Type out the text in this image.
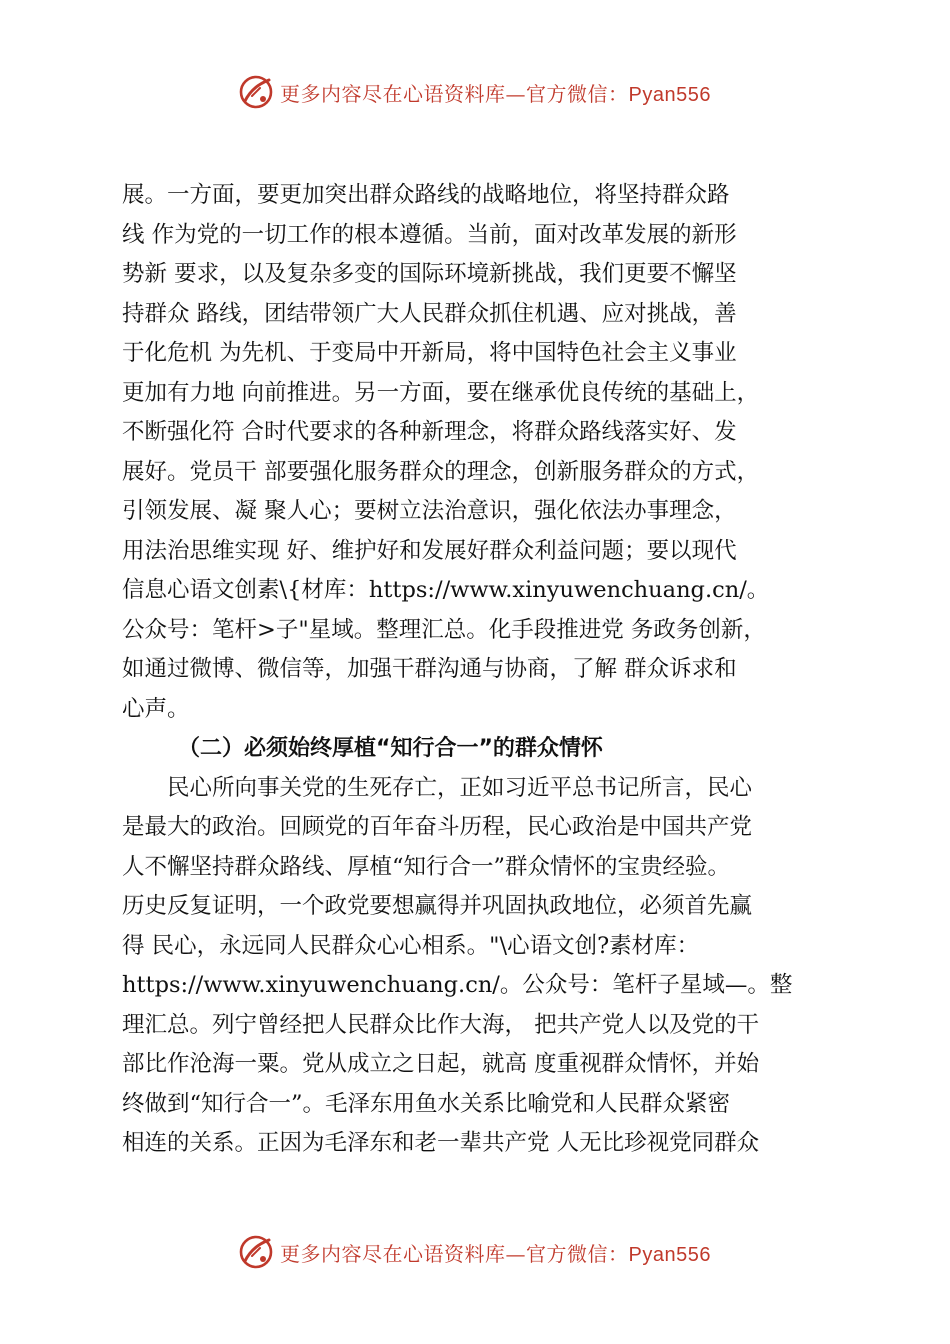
更多内容尽在心语资料库—官方微信：Pyan556
展。一方面，要更加突出群众路线的战略地位，将坚持群众路
线 作为党的一切工作的根本遵循。当前，面对改革发展的新形
势新 要求，以及复杂多变的国际环境新挑战，我们更要不懈坚
持群众 路线，团结带领广大人民群众抓住机遇、应对挑战，善
于化危机 为先机、于变局中开新局，将中国特色社会主义事业
更加有力地 向前推进。另一方面，要在继承优良传统的基础上，
不断强化符 合时代要求的各种新理念，将群众路线落实好、发
展好。党员干 部要强化服务群众的理念，创新服务群众的方式，
引领发展、凝 聚人心；要树立法治意识，强化依法办事理念，
用法治思维实现 好、维护好和发展好群众利益问题；要以现代
信息心语文创素\{材库：https://www.xinyuwenchuang.cn/。
公众号：笔杆>子"星域。整理汇总。化手段推进党 务政务创新，
如通过微博、微信等，加强干群沟通与协商，了解 群众诉求和
心声。
（二）必须始终厚植“知行合一”的群众情怀
民心所向事关党的生死存亡，正如习近平总书记所言，民心
是最大的政治。回顾党的百年奋斗历程，民心政治是中国共产党
人不懈坚持群众路线、厚植“知行合一”群众情怀的宝贵经验。
历史反复证明，一个政党要想赢得并巩固执政地位，必须首先赢
得 民心，永远同人民群众心心相系。"\心语文创?素材库：
https://www.xinyuwenchuang.cn/。公众号：笔杆子星域—。整
理汇总。列宁曾经把人民群众比作大海， 把共产党人以及党的干
部比作沧海一粟。党从成立之日起，就高 度重视群众情怀，并始
终做到“知行合一”。毛泽东用鱼水关系比喻党和人民群众紧密
相连的关系。正因为毛泽东和老一辈共产党 人无比珍视党同群众
更多内容尽在心语资料库—官方微信：Pyan556
